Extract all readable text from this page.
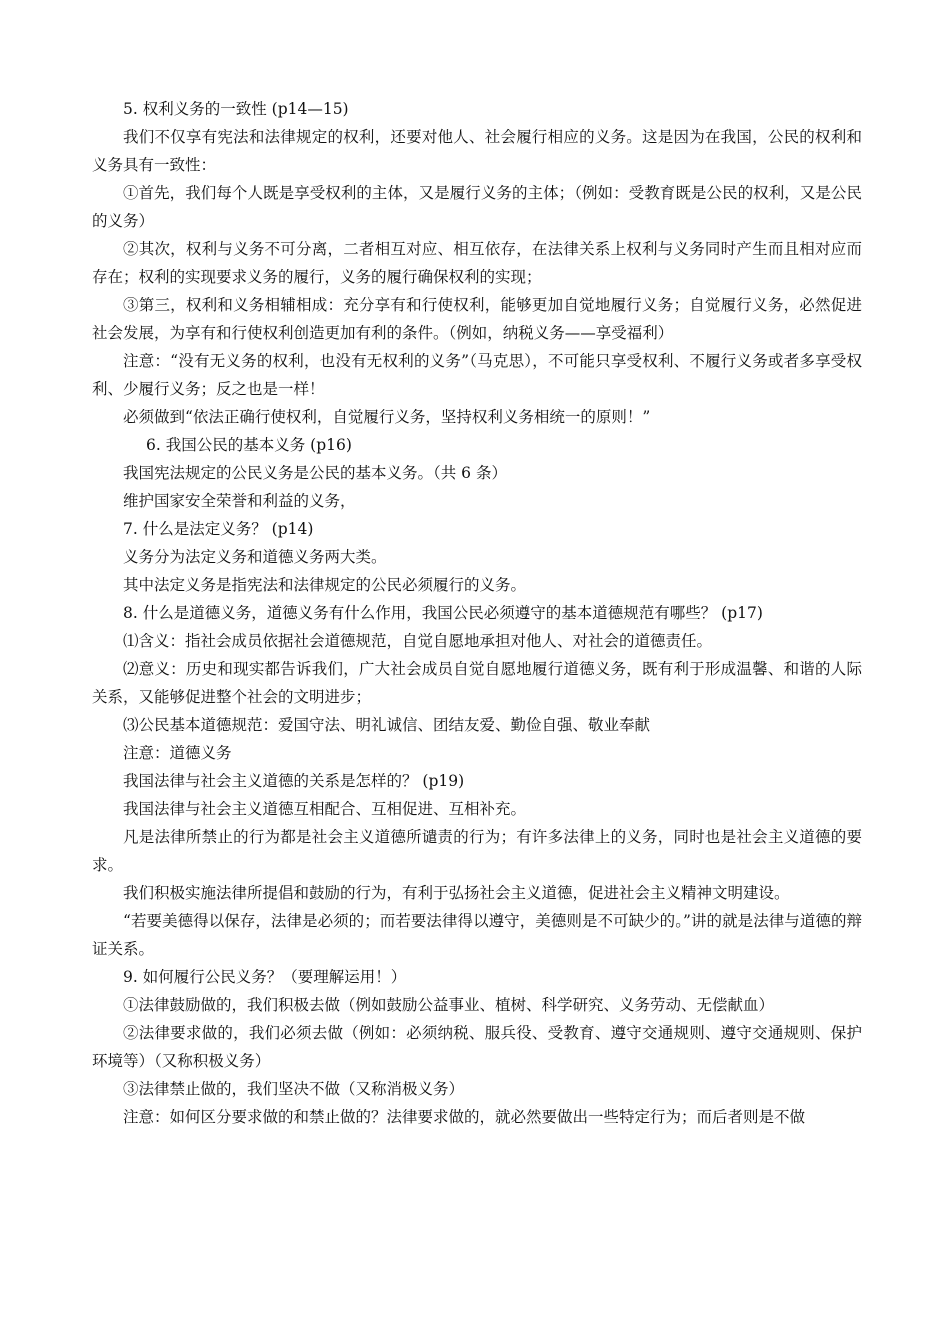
5. 权利义务的一致性 (p14—15)

我们不仅享有宪法和法律规定的权利，还要对他人、社会履行相应的义务。这是因为在我国，公民的权利和义务具有一致性：

①首先，我们每个人既是享受权利的主体，又是履行义务的主体；（例如：受教育既是公民的权利，又是公民的义务）

②其次，权利与义务不可分离，二者相互对应、相互依存，在法律关系上权利与义务同时产生而且相对应而存在；权利的实现要求义务的履行，义务的履行确保权利的实现；

③第三，权利和义务相辅相成：充分享有和行使权利，能够更加自觉地履行义务；自觉履行义务，必然促进社会发展，为享有和行使权利创造更加有利的条件。（例如，纳税义务——享受福利）

注意：“没有无义务的权利，也没有无权利的义务”（马克思），不可能只享受权利、不履行义务或者多享受权利、少履行义务；反之也是一样！

必须做到“依法正确行使权利，自觉履行义务，坚持权利义务相统一的原则！”

6. 我国公民的基本义务 (p16)

我国宪法规定的公民义务是公民的基本义务。（共 6 条）

维护国家安全荣誉和利益的义务，

7. 什么是法定义务？ (p14)

义务分为法定义务和道德义务两大类。

其中法定义务是指宪法和法律规定的公民必须履行的义务。

8. 什么是道德义务，道德义务有什么作用，我国公民必须遵守的基本道德规范有哪些？ (p17)

⑴含义：指社会成员依据社会道德规范，自觉自愿地承担对他人、对社会的道德责任。

⑵意义：历史和现实都告诉我们，广大社会成员自觉自愿地履行道德义务，既有利于形成温馨、和谐的人际关系，又能够促进整个社会的文明进步；

⑶公民基本道德规范：爱国守法、明礼诚信、团结友爱、勤俭自强、敬业奉献

注意：道德义务

我国法律与社会主义道德的关系是怎样的？ (p19)

我国法律与社会主义道德互相配合、互相促进、互相补充。

凡是法律所禁止的行为都是社会主义道德所谴责的行为；有许多法律上的义务，同时也是社会主义道德的要求。

我们积极实施法律所提倡和鼓励的行为，有利于弘扬社会主义道德，促进社会主义精神文明建设。

“若要美德得以保存，法律是必须的；而若要法律得以遵守，美德则是不可缺少的。”讲的就是法律与道德的辩证关系。

9. 如何履行公民义务？（要理解运用！）

①法律鼓励做的，我们积极去做（例如鼓励公益事业、植树、科学研究、义务劳动、无偿献血）

②法律要求做的，我们必须去做（例如：必须纳税、服兵役、受教育、遵守交通规则、遵守交通规则、保护环境等）（又称积极义务）

③法律禁止做的，我们坚决不做（又称消极义务）

注意：如何区分要求做的和禁止做的？法律要求做的，就必然要做出一些特定行为；而后者则是不做
